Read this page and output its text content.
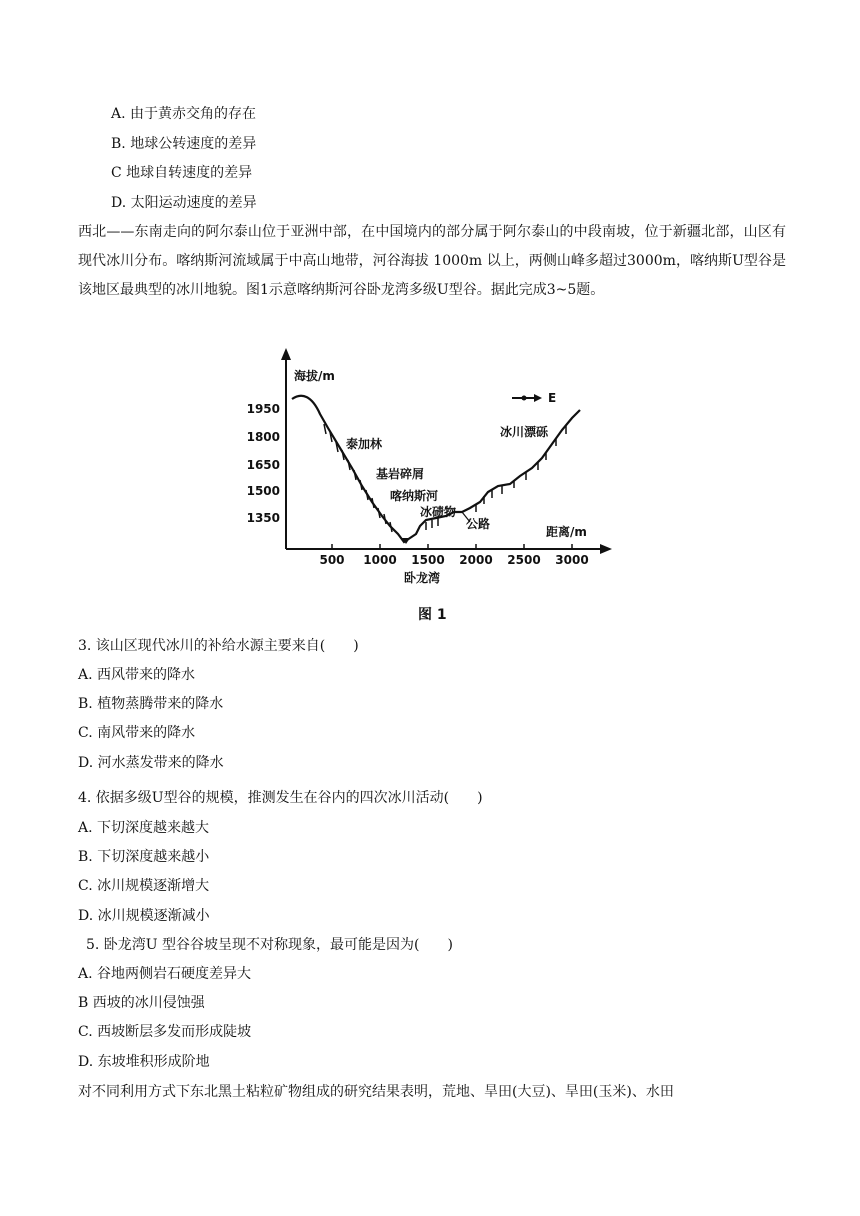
A. 由于黄赤交角的存在
B. 地球公转速度的差异
C 地球自转速度的差异
D. 太阳运动速度的差异
西北——东南走向的阿尔泰山位于亚洲中部，在中国境内的部分属于阿尔泰山的中段南坡，位于新疆北部，山区有现代冰川分布。喀纳斯河流域属于中高山地带，河谷海拔 1000m 以上，两侧山峰多超过3000m，喀纳斯U型谷是该地区最典型的冰川地貌。图1示意喀纳斯河谷卧龙湾多级U型谷。据此完成3~5题。
1950
1800
1650
1500
1350
500 1000 1500 2000 2500 3000
海拔/m
距离/m
卧龙湾
E
泰加林
基岩碎屑
喀纳斯河
冰碛物
公路
冰川漂砾
图 1
3. 该山区现代冰川的补给水源主要来自(　　)
A. 西风带来的降水
B. 植物蒸腾带来的降水
C. 南风带来的降水
D. 河水蒸发带来的降水
4. 依据多级U型谷的规模，推测发生在谷内的四次冰川活动(　　)
A. 下切深度越来越大
B. 下切深度越来越小
C. 冰川规模逐渐增大
D. 冰川规模逐渐减小
5. 卧龙湾U 型谷谷坡呈现不对称现象，最可能是因为(　　)
A. 谷地两侧岩石硬度差异大
B 西坡的冰川侵蚀强
C. 西坡断层多发而形成陡坡
D. 东坡堆积形成阶地
对不同利用方式下东北黑土粘粒矿物组成的研究结果表明，荒地、旱田(大豆)、旱田(玉米)、水田
